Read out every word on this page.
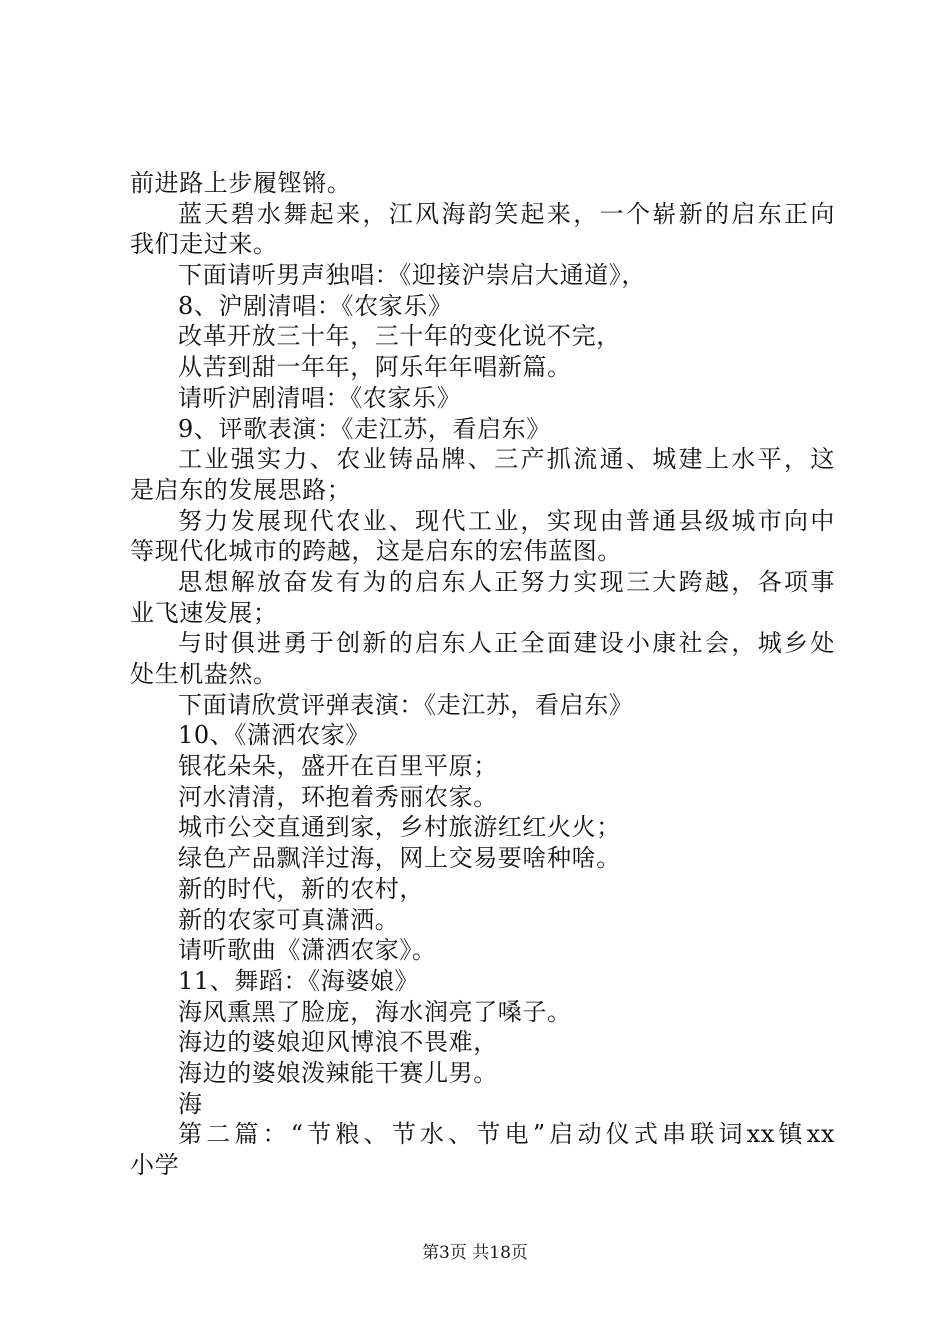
前进路上步履铿锵。
蓝天碧水舞起来，江风海韵笑起来，一个崭新的启东正向
我们走过来。
下面请听男声独唱：《迎接沪崇启大通道》，
8、沪剧清唱：《农家乐》
改革开放三十年，三十年的变化说不完，
从苦到甜一年年，阿乐年年唱新篇。
请听沪剧清唱：《农家乐》
9、评歌表演：《走江苏，看启东》
工业强实力、农业铸品牌、三产抓流通、城建上水平，这
是启东的发展思路；
努力发展现代农业、现代工业，实现由普通县级城市向中
等现代化城市的跨越，这是启东的宏伟蓝图。
思想解放奋发有为的启东人正努力实现三大跨越，各项事
业飞速发展；
与时俱进勇于创新的启东人正全面建设小康社会，城乡处
处生机盎然。
下面请欣赏评弹表演：《走江苏，看启东》
10、《潇洒农家》
银花朵朵，盛开在百里平原；
河水清清，环抱着秀丽农家。
城市公交直通到家，乡村旅游红红火火；
绿色产品飘洋过海，网上交易要啥种啥。
新的时代，新的农村，
新的农家可真潇洒。
请听歌曲《潇洒农家》。
11、舞蹈：《海婆娘》
海风熏黑了脸庞，海水润亮了嗓子。
海边的婆娘迎风博浪不畏难，
海边的婆娘泼辣能干赛儿男。
海
第二篇：“节粮、节水、节电”启动仪式串联词xx镇xx
小学
第3页 共18页
